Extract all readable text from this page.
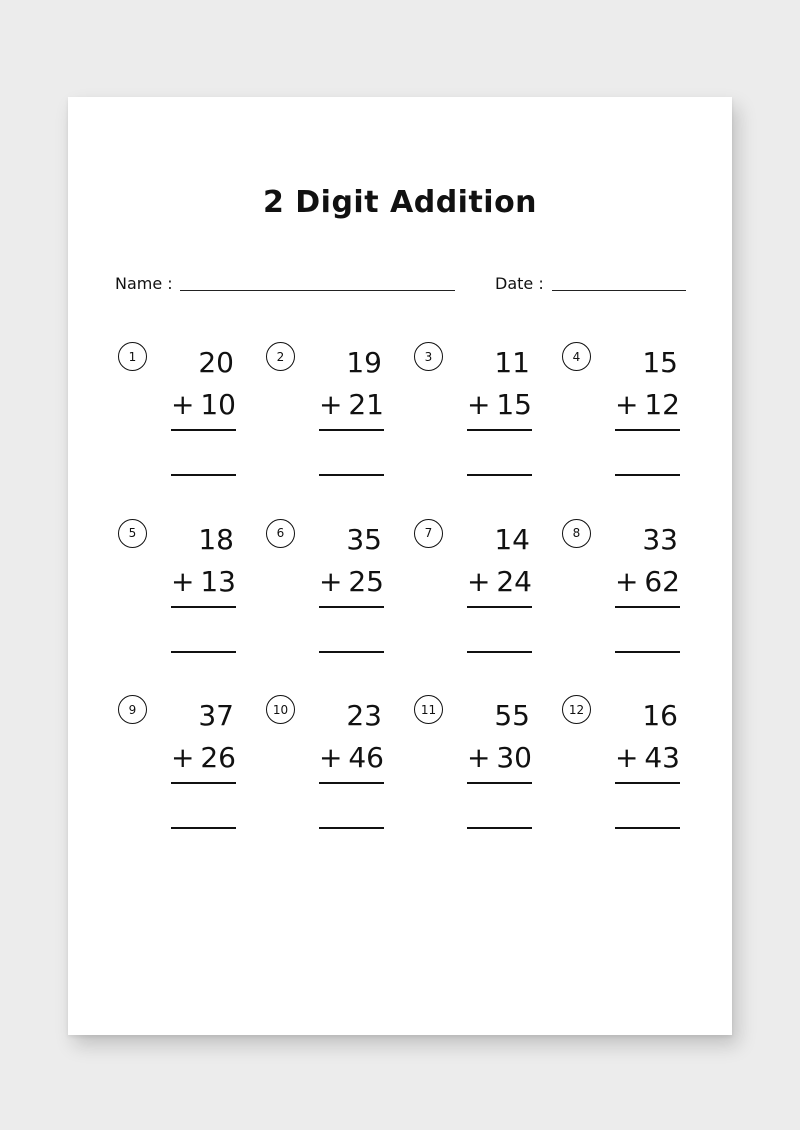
2 Digit Addition
Name :	Date :
1	20
+ 10
2	19
+ 21
3	11
+ 15
4	15
+ 12
5	18
+ 13
6	35
+ 25
7	14
+ 24
8	33
+ 62
9	37
+ 26
10 23
+ 46
11 55
+ 30
12 16
+ 43
